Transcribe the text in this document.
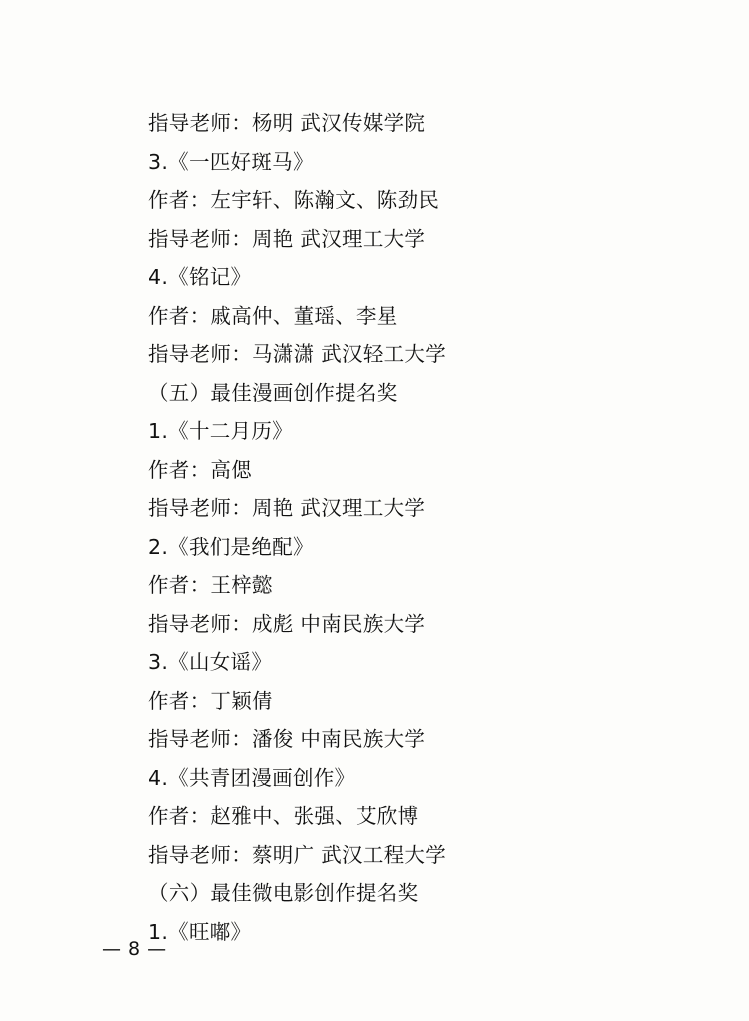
指导老师：杨明 武汉传媒学院
3.《一匹好斑马》
作者：左宇轩、陈瀚文、陈劲民
指导老师：周艳 武汉理工大学
4.《铭记》
作者：戚高仲、董瑶、李星
指导老师：马潇潇 武汉轻工大学
（五）最佳漫画创作提名奖
1.《十二月历》
作者：高偲
指导老师：周艳 武汉理工大学
2.《我们是绝配》
作者：王梓懿
指导老师：成彪 中南民族大学
3.《山女谣》
作者：丁颖倩
指导老师：潘俊 中南民族大学
4.《共青团漫画创作》
作者：赵雅中、张强、艾欣博
指导老师：蔡明广 武汉工程大学
（六）最佳微电影创作提名奖
1.《旺嘟》
— 8 —
